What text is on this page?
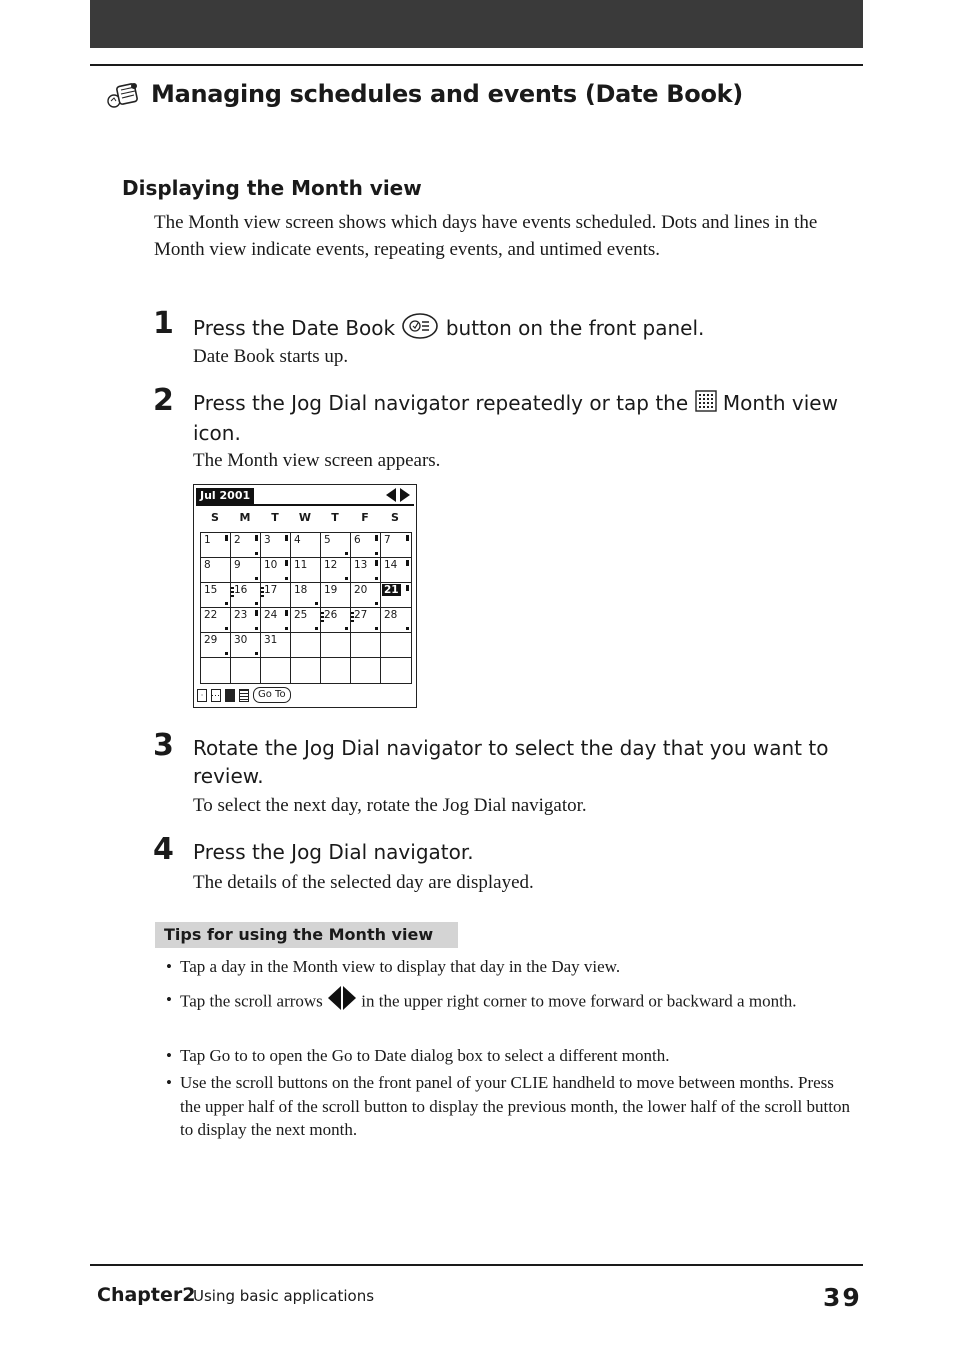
Managing schedules and events (Date Book)
Displaying the Month view
The Month view screen shows which days have events scheduled. Dots and lines in the Month view indicate events, repeating events, and untimed events.
1 Press the Date Book	button on the front panel.
Date Book starts up.
2 Press the Jog Dial navigator repeatedly or tap the Month view icon.
The Month view screen appears.
Jul 2001
S	M	T	W	T	F	S
1 2 3 4 5 6 7
8 9 10 11 12 13 14
15 16 17 18 19 20 21
22 23 24 25 26 27 28
29 30 31
·	Go To
3 Rotate the Jog Dial navigator to select the day that you want to review.
To select the next day, rotate the Jog Dial navigator.
4 Press the Jog Dial navigator.
The details of the selected day are displayed.
Tips for using the Month view
• Tap a day in the Month view to display that day in the Day view.
• Tap the scroll arrows in the upper right corner to move forward or backward a month.
• Tap Go to to open the Go to Date dialog box to select a different month.
• Use the scroll buttons on the front panel of your CLIE handheld to move between months. Press the upper half of the scroll button to display the previous month, the lower half of the scroll button to display the next month.
Chapter2
Using basic applications	39
